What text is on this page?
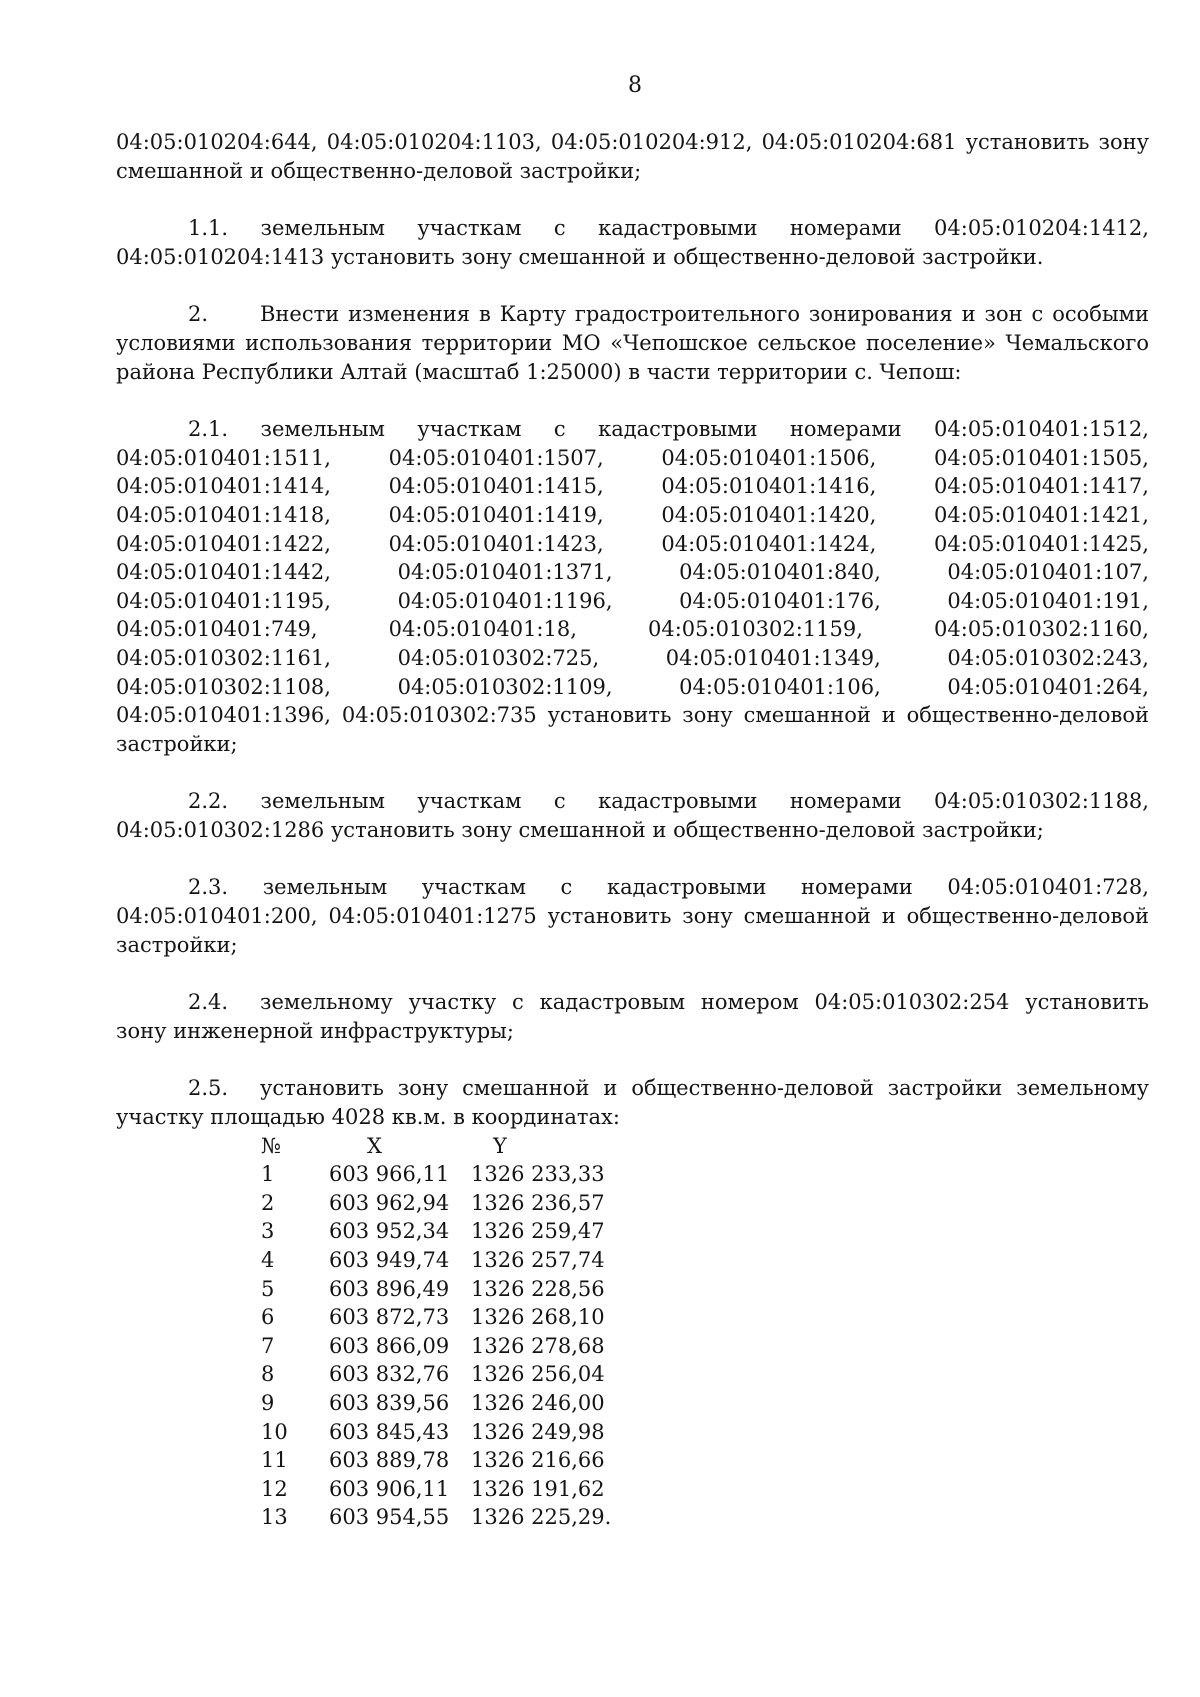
8

04:05:010204:644, 04:05:010204:1103, 04:05:010204:912, 04:05:010204:681 установить зону смешанной и общественно-деловой застройки;

1.1. земельным участкам с кадастровыми номерами 04:05:010204:1412,

04:05:010204:1413 установить зону смешанной и общественно-деловой застройки.

2. Внести изменения в Карту градостроительного зонирования и зон с особыми условиями использования территории МО «Чепошское сельское поселение» Чемальского района Республики Алтай (масштаб 1:25000) в части территории с. Чепош:

2.1. земельным участкам с кадастровыми номерами 04:05:010401:1512,
04:05:010401:1511,	04:05:010401:1507,	04:05:010401:1506,	04:05:010401:1505,
04:05:010401:1414,	04:05:010401:1415,	04:05:010401:1416,	04:05:010401:1417,
04:05:010401:1418,	04:05:010401:1419,	04:05:010401:1420,	04:05:010401:1421,
04:05:010401:1422,	04:05:010401:1423,	04:05:010401:1424,	04:05:010401:1425,
04:05:010401:1442,	04:05:010401:1371,	04:05:010401:840,	04:05:010401:107,
04:05:010401:1195,	04:05:010401:1196,	04:05:010401:176,	04:05:010401:191,
04:05:010401:749,	04:05:010401:18,	04:05:010302:1159,	04:05:010302:1160,
04:05:010302:1161,	04:05:010302:725,	04:05:010401:1349,	04:05:010302:243,
04:05:010302:1108,	04:05:010302:1109,	04:05:010401:106,	04:05:010401:264,

04:05:010401:1396, 04:05:010302:735 установить зону смешанной и общественно-деловой застройки;

2.2. земельным участкам с кадастровыми номерами 04:05:010302:1188,

04:05:010302:1286 установить зону смешанной и общественно-деловой застройки;

2.3. земельным участкам с кадастровыми номерами 04:05:010401:728,

04:05:010401:200, 04:05:010401:1275 установить зону смешанной и общественно-деловой застройки;

2.4. земельному участку с кадастровым номером 04:05:010302:254 установить зону инженерной инфраструктуры;

2.5. установить зону смешанной и общественно-деловой застройки земельному участку площадью 4028 кв.м. в координатах:

№	X	Y
1	603 966,11	1326 233,33
2	603 962,94	1326 236,57
3	603 952,34	1326 259,47
4	603 949,74	1326 257,74
5	603 896,49	1326 228,56
6	603 872,73	1326 268,10
7	603 866,09	1326 278,68
8	603 832,76	1326 256,04
9	603 839,56	1326 246,00
10	603 845,43	1326 249,98
11	603 889,78	1326 216,66
12	603 906,11	1326 191,62
13	603 954,55	1326 225,29.
